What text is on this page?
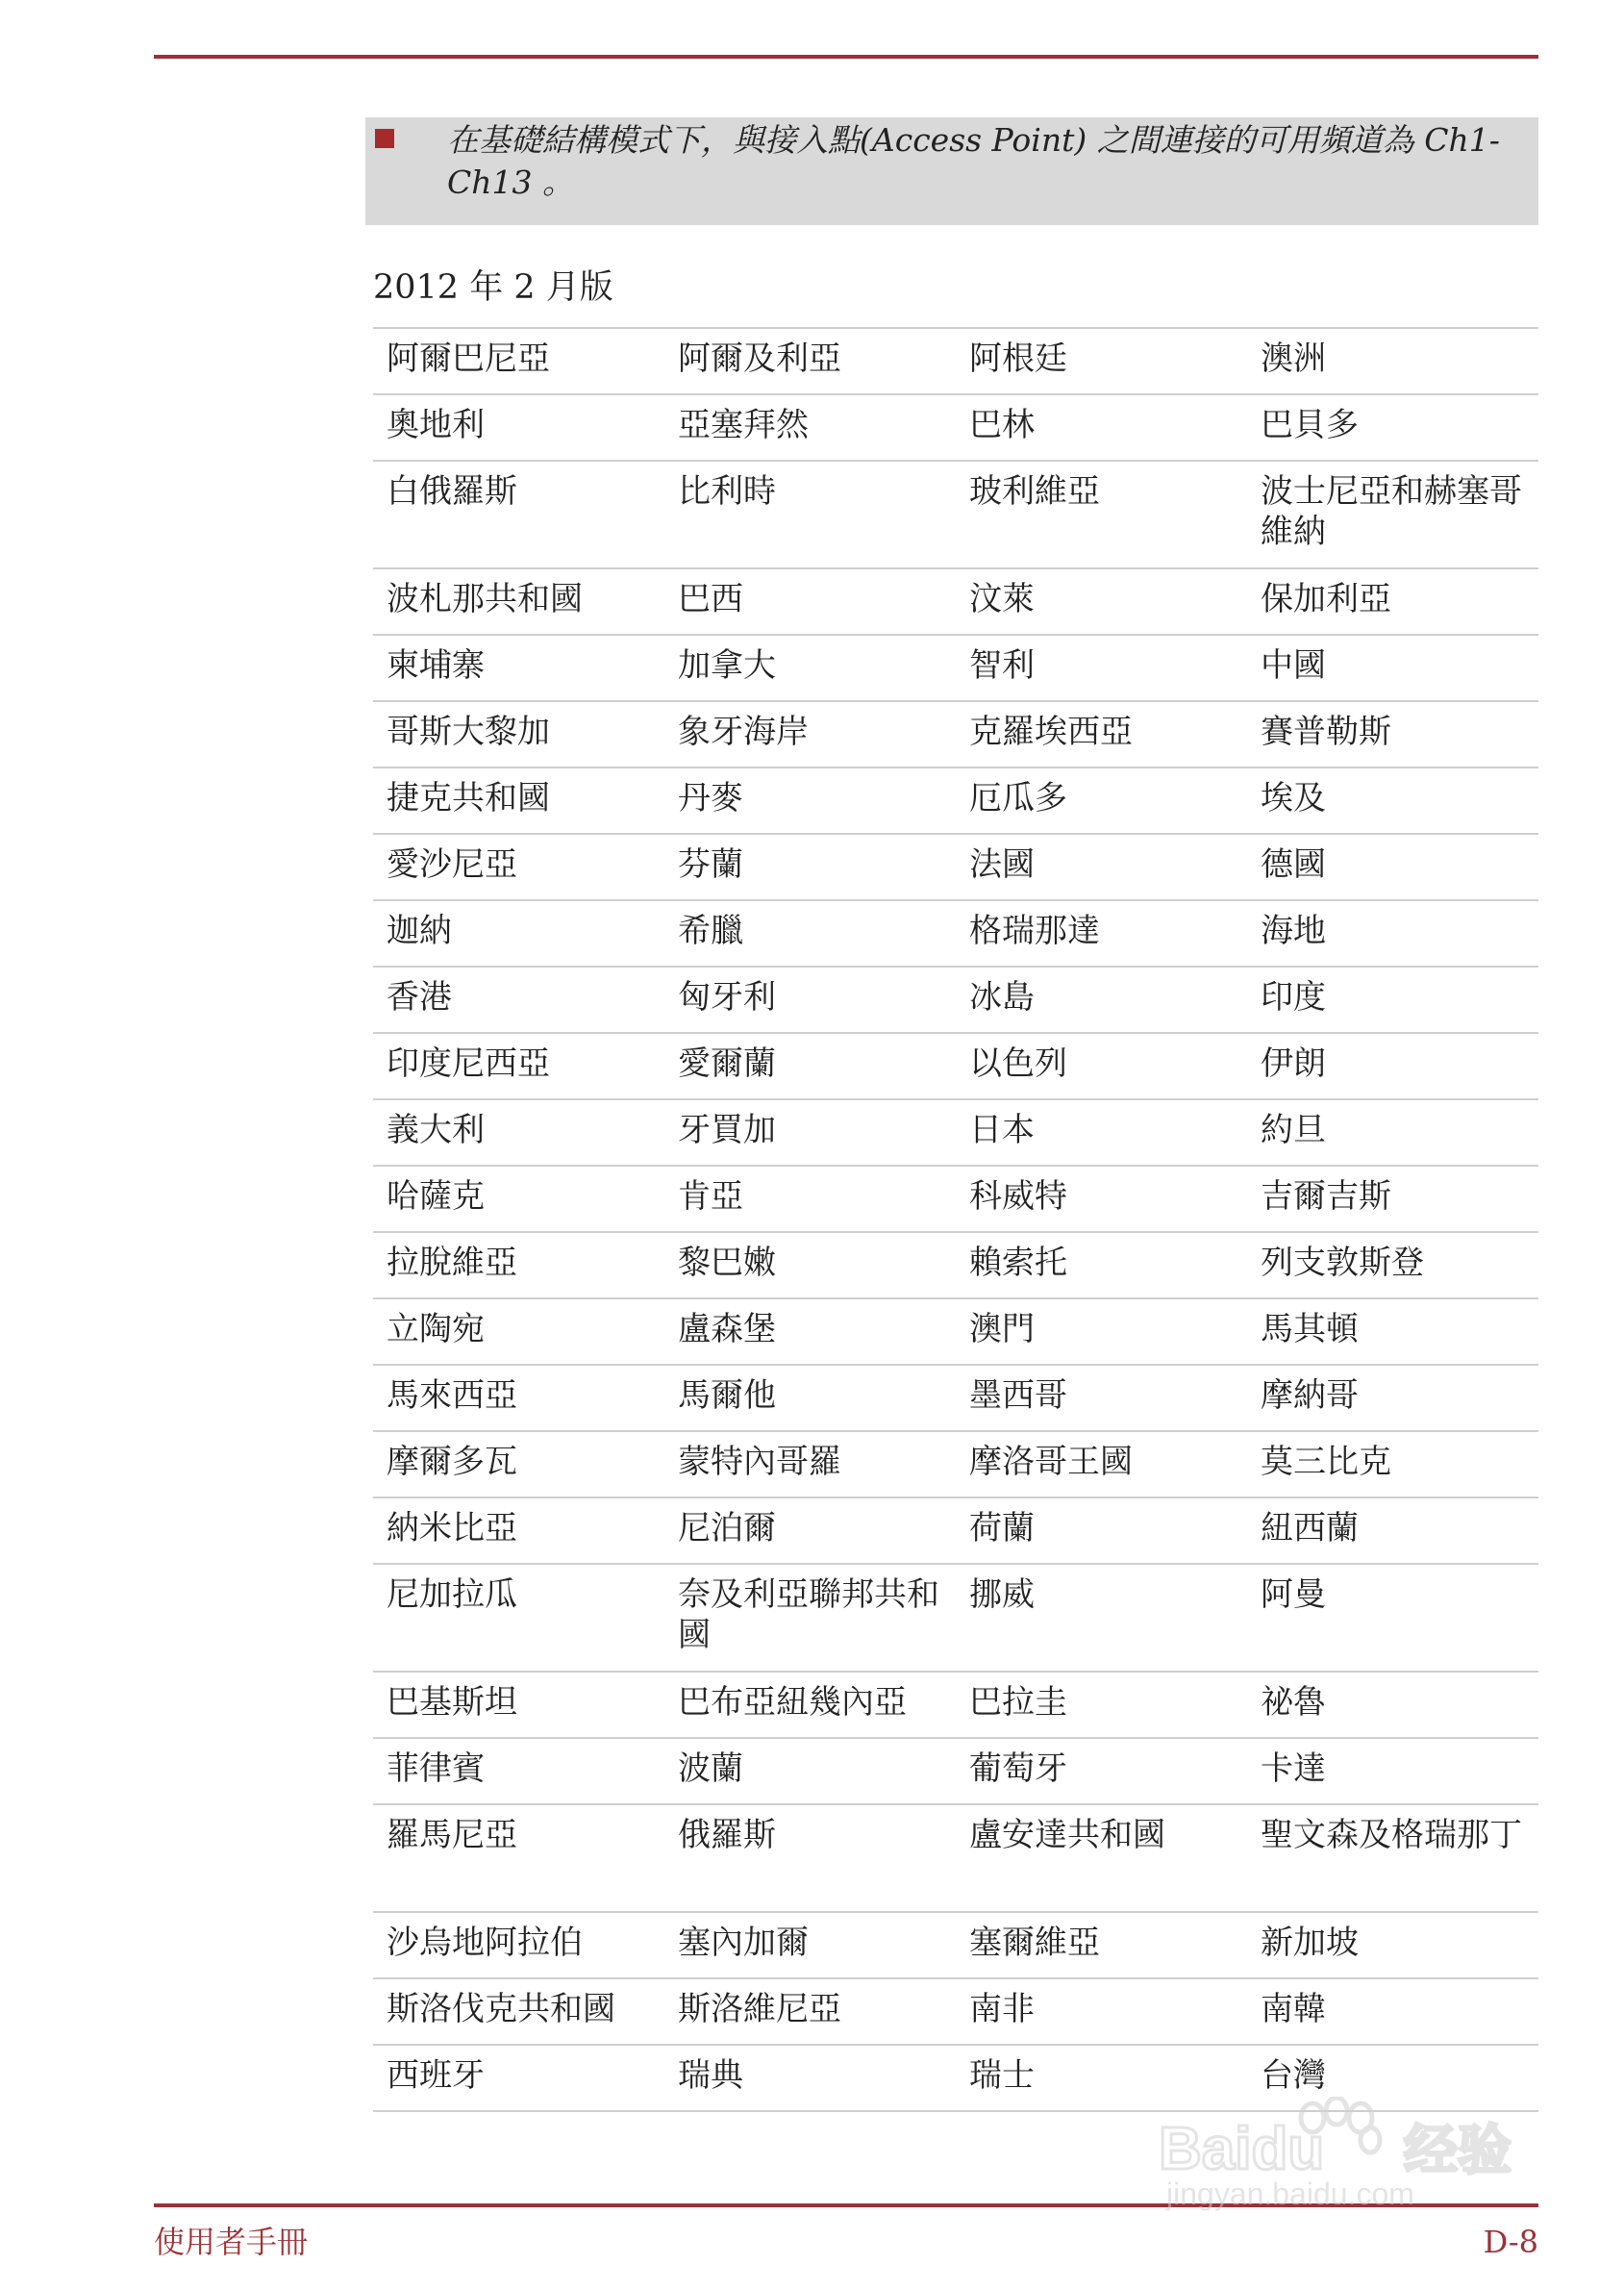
在基礎結構模式下，與接入點(Access Point) 之間連接的可用頻道為 Ch1-Ch13 。
2012 年 2 月版
阿爾巴尼亞	阿爾及利亞	阿根廷	澳洲
奧地利	亞塞拜然	巴林	巴貝多
白俄羅斯	比利時	玻利維亞	波士尼亞和赫塞哥維納
波札那共和國	巴西	汶萊	保加利亞
柬埔寨	加拿大	智利	中國
哥斯大黎加	象牙海岸	克羅埃西亞	賽普勒斯
捷克共和國	丹麥	厄瓜多	埃及
愛沙尼亞	芬蘭	法國	德國
迦納	希臘	格瑞那達	海地
香港	匈牙利	冰島	印度
印度尼西亞	愛爾蘭	以色列	伊朗
義大利	牙買加	日本	約旦
哈薩克	肯亞	科威特	吉爾吉斯
拉脫維亞	黎巴嫩	賴索托	列支敦斯登
立陶宛	盧森堡	澳門	馬其頓
馬來西亞	馬爾他	墨西哥	摩納哥
摩爾多瓦	蒙特內哥羅	摩洛哥王國	莫三比克
納米比亞	尼泊爾	荷蘭	紐西蘭
尼加拉瓜	奈及利亞聯邦共和國	挪威	阿曼
巴基斯坦	巴布亞紐幾內亞	巴拉圭	祕魯
菲律賓	波蘭	葡萄牙	卡達
羅馬尼亞	俄羅斯	盧安達共和國	聖文森及格瑞那丁
沙烏地阿拉伯	塞內加爾	塞爾維亞	新加坡
斯洛伐克共和國	斯洛維尼亞	南非	南韓
西班牙	瑞典	瑞士	台灣
使用者手冊	D-8
Baidu 经验
jingyan.baidu.com
